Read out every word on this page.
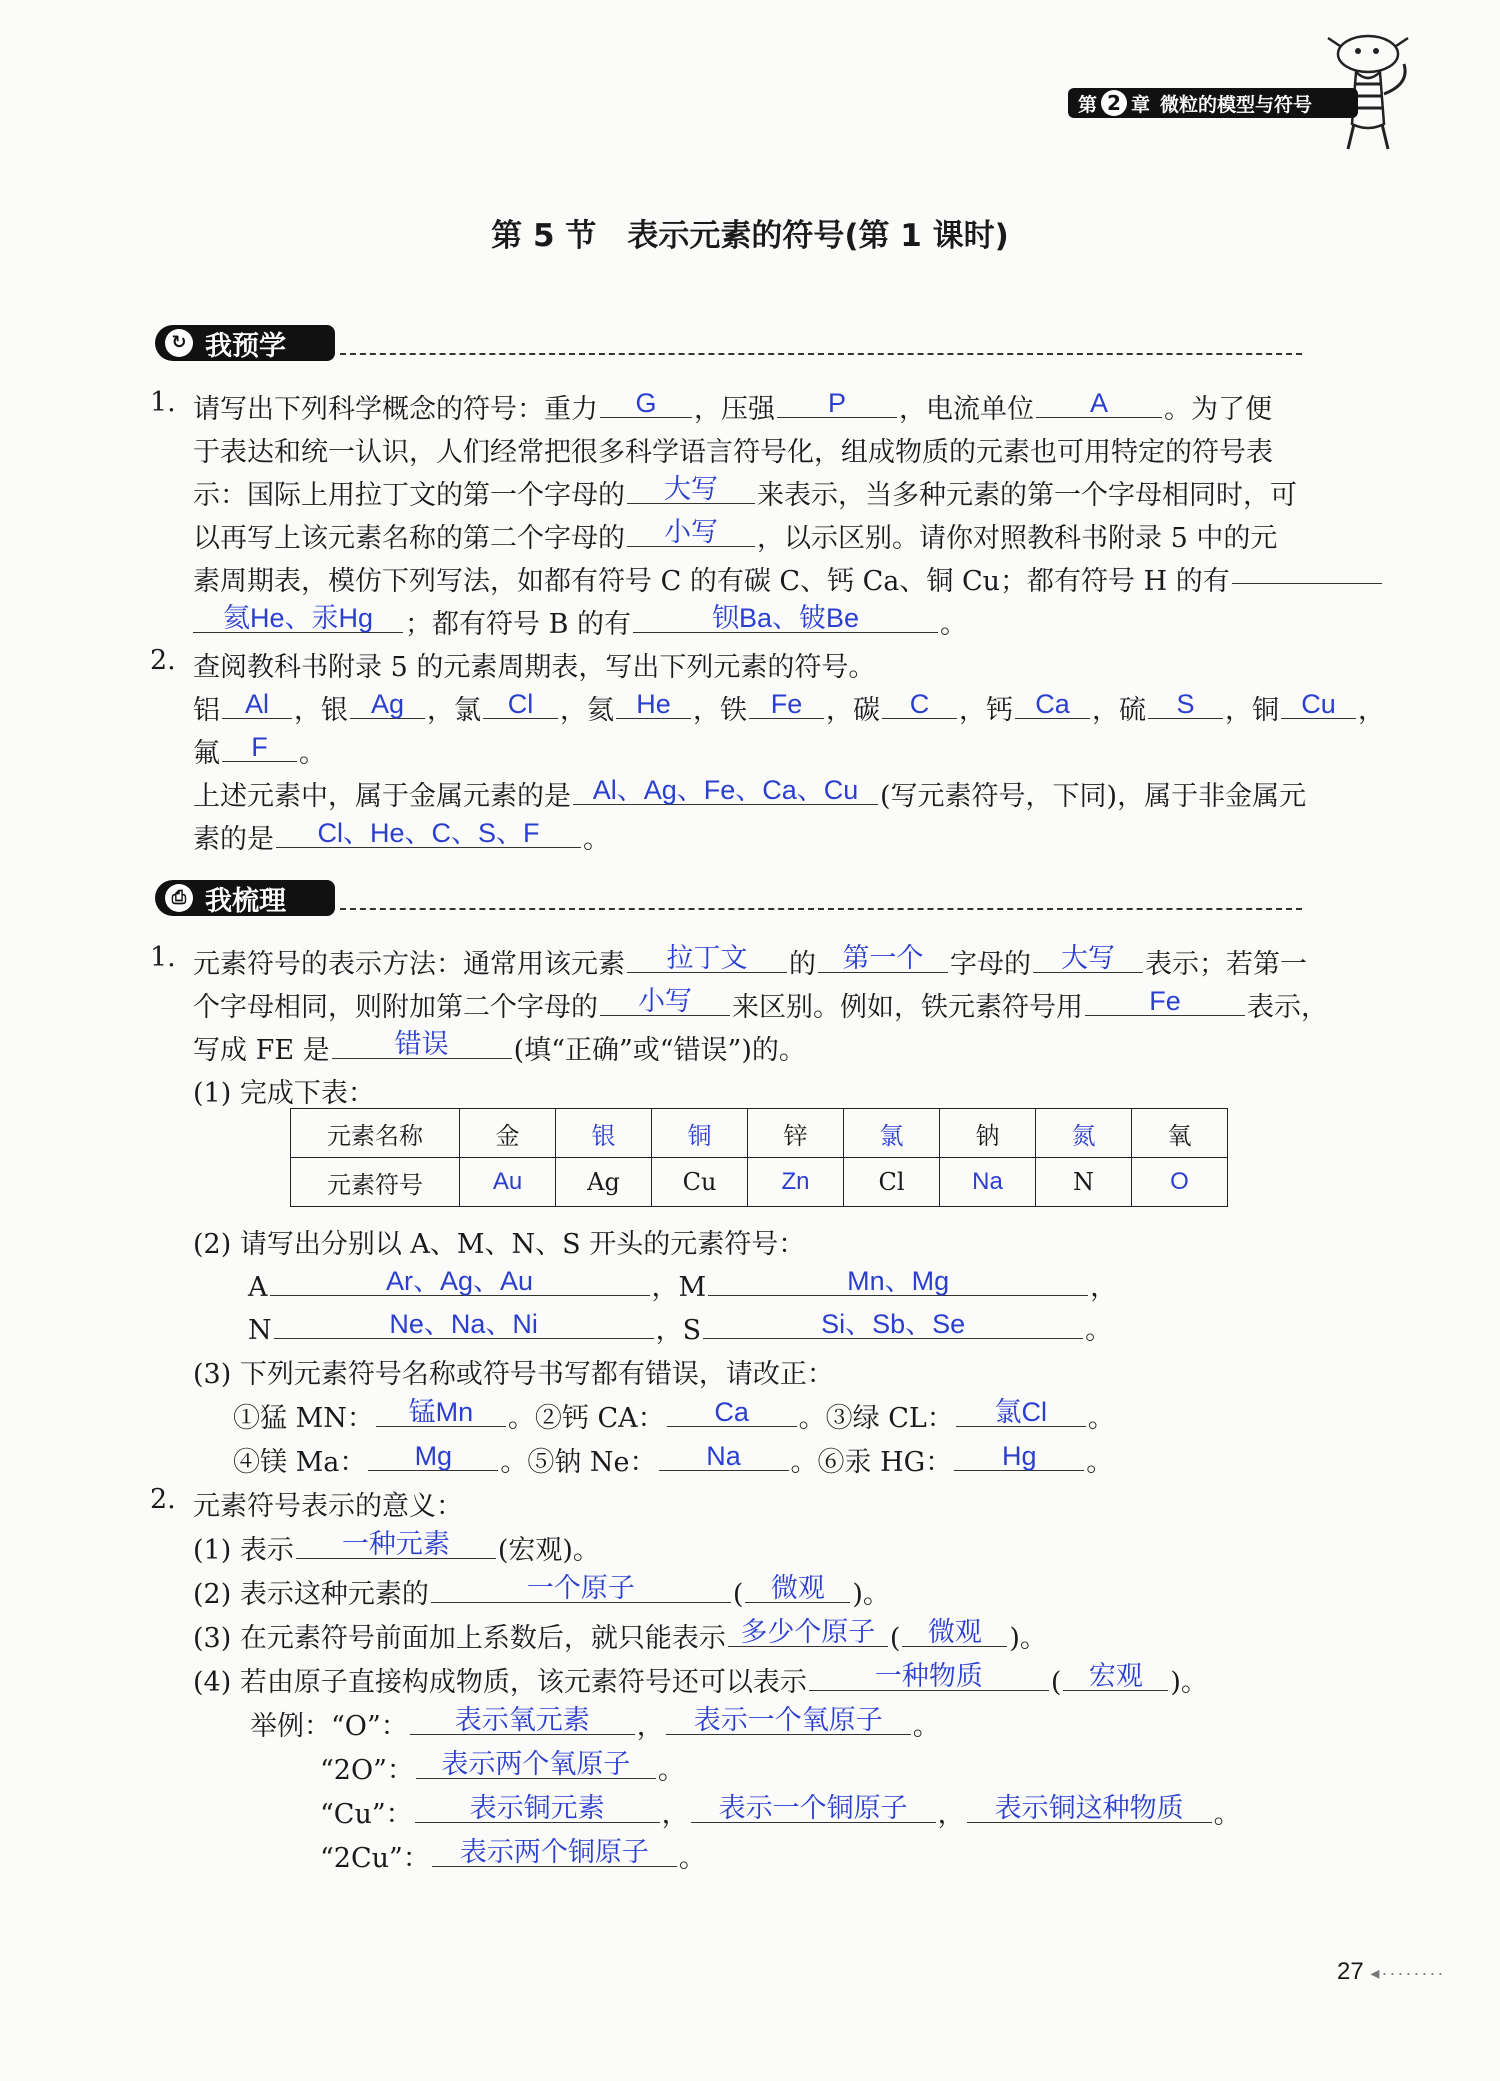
第 2 章 微粒的模型与符号
第 5 节　表示元素的符号(第 1 课时)
↻ 我预学
1. 请写出下列科学概念的符号：重力 G ，压强 P ，电流单位 A 。为了便
于表达和统一认识，人们经常把很多科学语言符号化，组成物质的元素也可用特定的符号表
示：国际上用拉丁文的第一个字母的 大写 来表示，当多种元素的第一个字母相同时，可
以再写上该元素名称的第二个字母的 小写 ，以示区别。请你对照教科书附录 5 中的元
素周期表，模仿下列写法，如都有符号 C 的有碳 C、钙 Ca、铜 Cu；都有符号 H 的有
氦He、汞Hg ；都有符号 B 的有	钡Ba、铍Be	。
2. 查阅教科书附录 5 的元素周期表，写出下列元素的符号。
铝 Al ，银 Ag ，氯 Cl ，氦 He ，铁 Fe ，碳 C ，钙 Ca ，硫 S ，铜 Cu ，
氟 F 。
上述元素中，属于金属元素的是 Al、Ag、Fe、Ca、Cu (写元素符号，下同)，属于非金属元
素的是 Cl、He、C、S、F 。
⎙ 我梳理
1. 元素符号的表示方法：通常用该元素 拉丁文 的 第一个 字母的 大写 表示；若第一
个字母相同，则附加第二个字母的 小写 来区别。例如，铁元素符号用 Fe 表示，
写成 FE 是 错误 (填“正确”或“错误”)的。
(1) 完成下表：
元素名称	金	银	铜	锌	氯	钠	氮	氧
元素符号	Au	Ag	Cu	Zn	Cl	Na	N	O
(2) 请写出分别以 A、M、N、S 开头的元素符号：
A	Ar、Ag、Au	，M	Mn、Mg	，
N	Ne、Na、Ni	，S	Si、Sb、Se	。
(3) 下列元素符号名称或符号书写都有错误，请改正：
①猛 MN： 锰Mn 。②钙 CA： Ca 。③绿 CL： 氯Cl 。
④镁 Ma： Mg 。⑤钠 Ne： Na 。⑥汞 HG： Hg 。
2. 元素符号表示的意义：
(1) 表示 一种元素 (宏观)。
(2) 表示这种元素的	一个原子	( 微观 )。
(3) 在元素符号前面加上系数后，就只能表示 多少个原子 ( 微观 )。
(4) 若由原子直接构成物质，该元素符号还可以表示	一种物质	( 宏观 )。
举例：“O”： 表示氧元素 ， 表示一个氧原子 。
“2O”： 表示两个氧原子 。
“Cu”： 表示铜元素 ， 表示一个铜原子 ， 表示铜这种物质 。
“2Cu”： 表示两个铜原子 。
27 ◂········
